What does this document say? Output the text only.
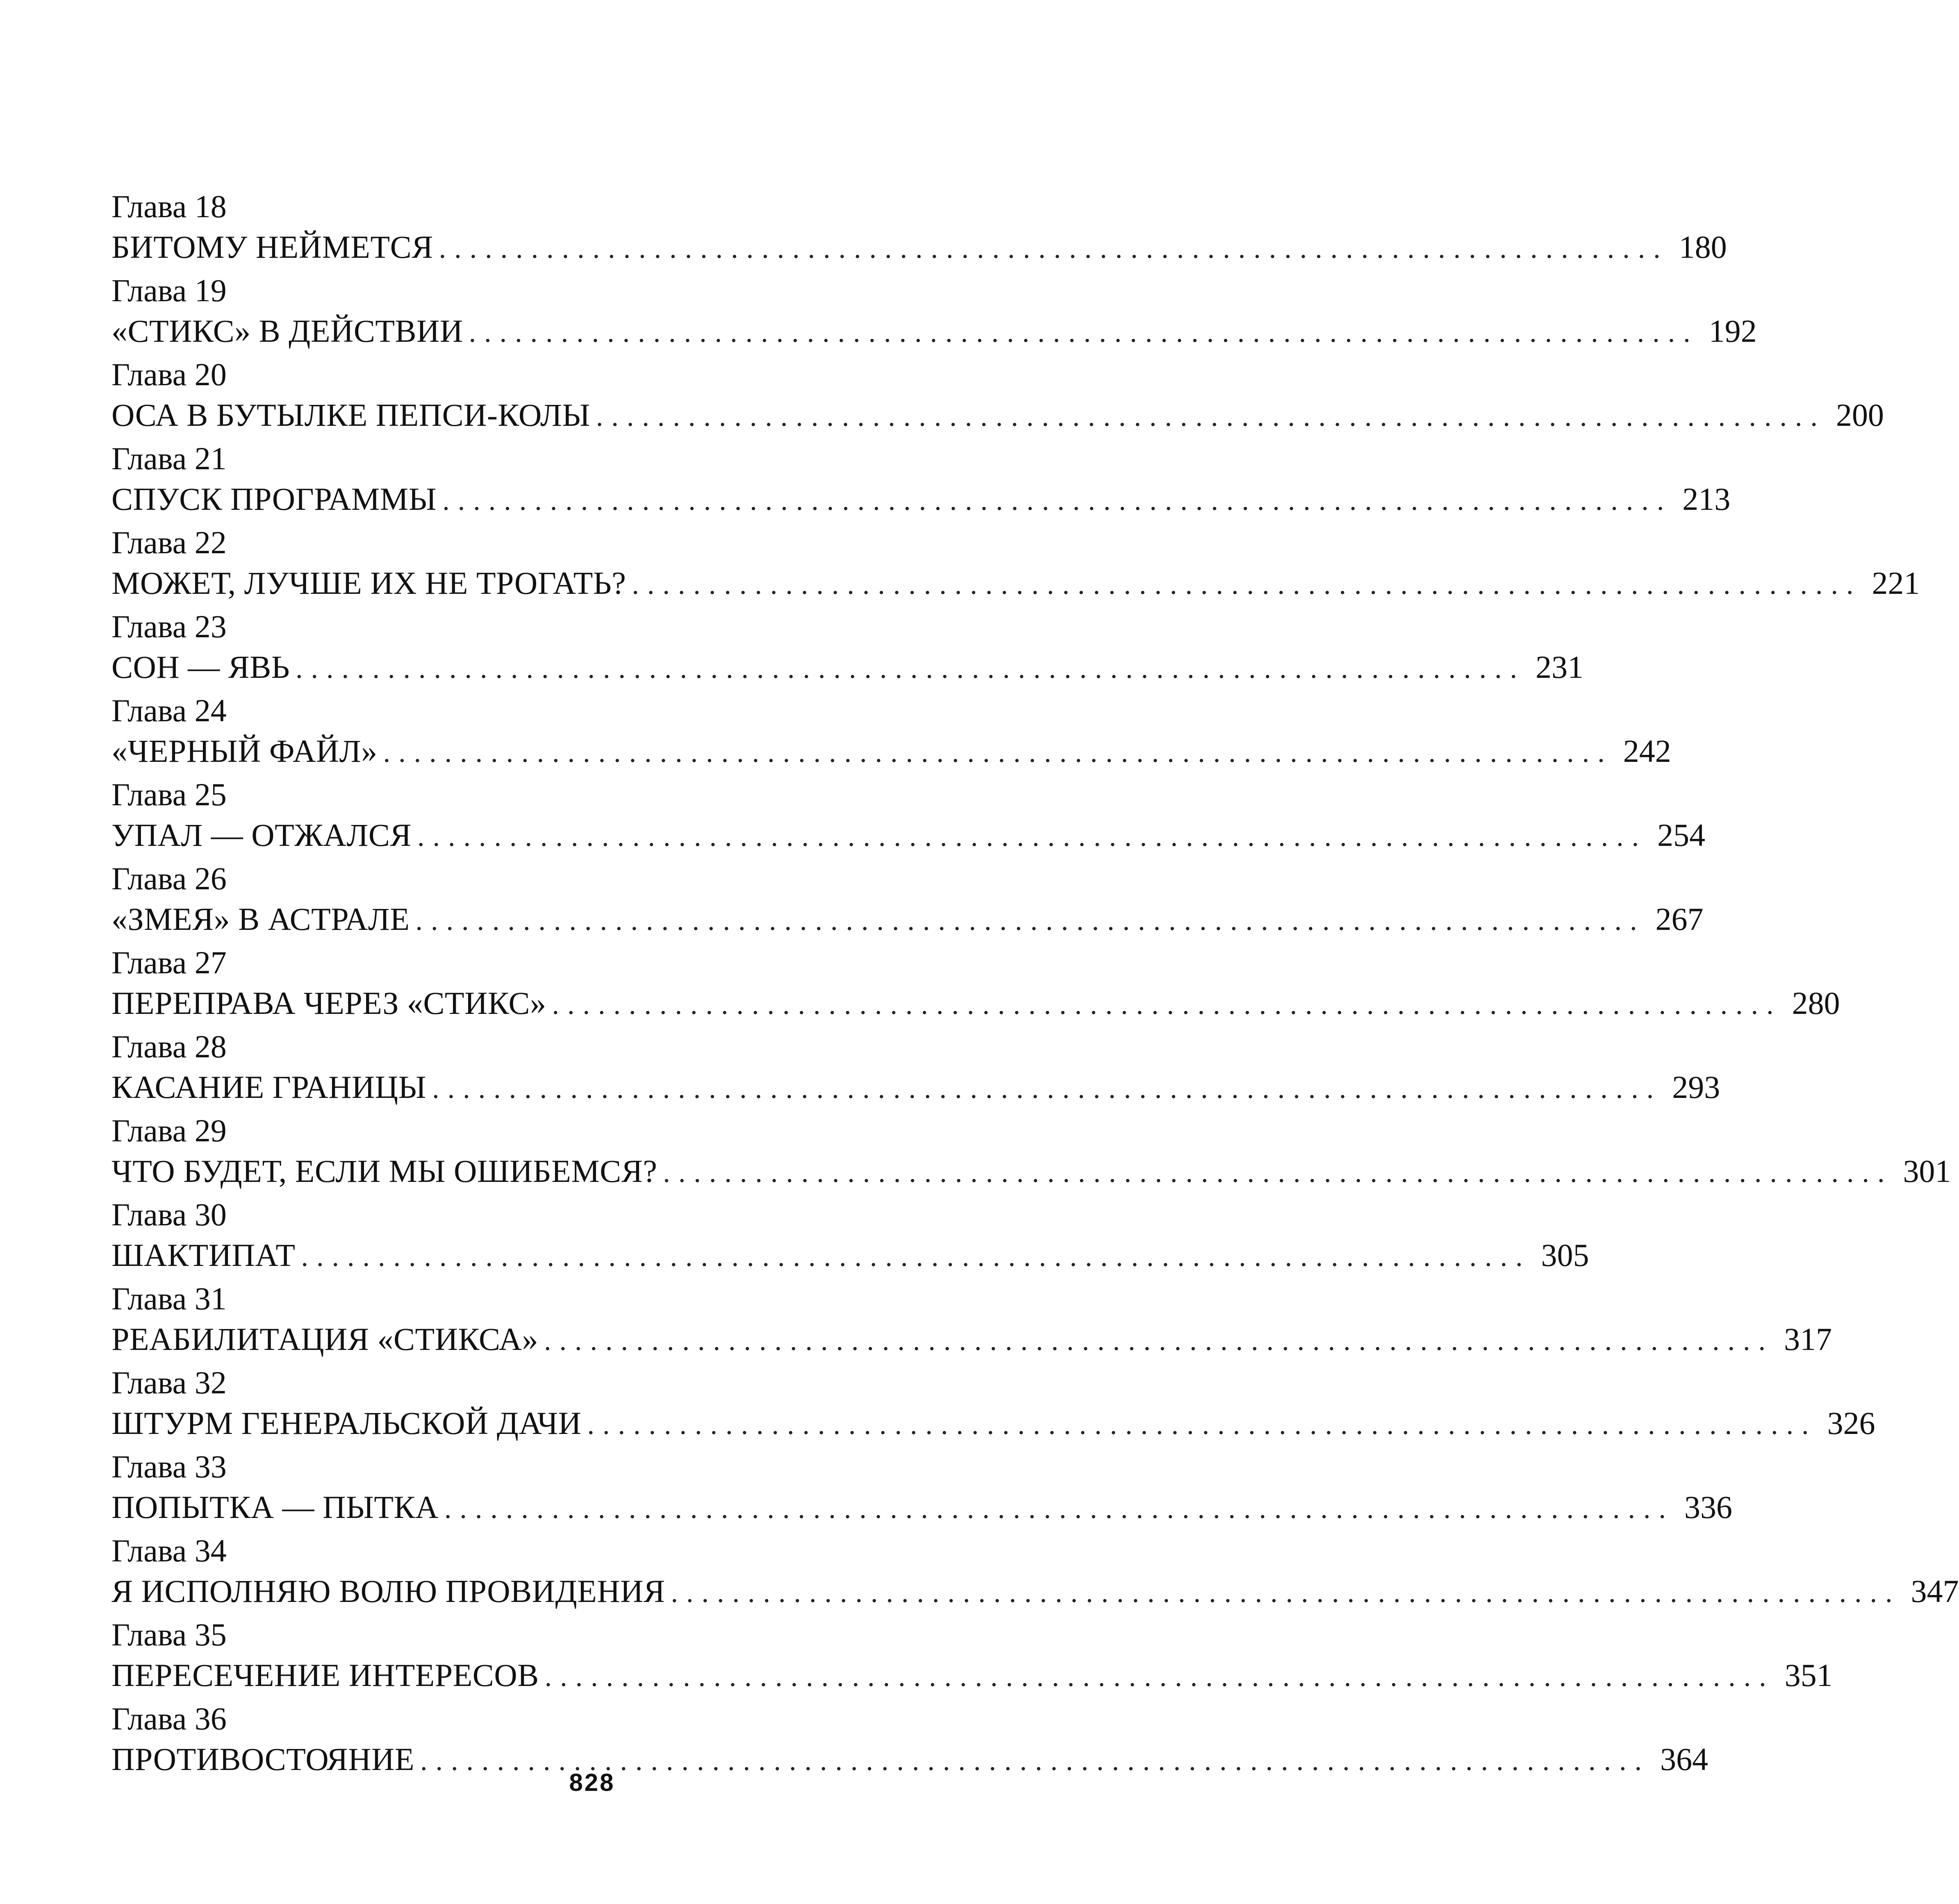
Глава 18
БИТОМУ НЕЙМЕТСЯ ................................................................................ 180
Глава 19
«СТИКС» В ДЕЙСТВИИ ................................................................................ 192
Глава 20
ОСА В БУТЫЛКЕ ПЕПСИ-КОЛЫ ................................................................................ 200
Глава 21
СПУСК ПРОГРАММЫ ................................................................................ 213
Глава 22
МОЖЕТ, ЛУЧШЕ ИХ НЕ ТРОГАТЬ? ................................................................................ 221
Глава 23
СОН — ЯВЬ ................................................................................ 231
Глава 24
«ЧЕРНЫЙ ФАЙЛ» ................................................................................ 242
Глава 25
УПАЛ — ОТЖАЛСЯ ................................................................................ 254
Глава 26
«ЗМЕЯ» В АСТРАЛЕ ................................................................................ 267
Глава 27
ПЕРЕПРАВА ЧЕРЕЗ «СТИКС» ................................................................................ 280
Глава 28
КАСАНИЕ ГРАНИЦЫ ................................................................................ 293
Глава 29
ЧТО БУДЕТ, ЕСЛИ МЫ ОШИБЕМСЯ? ................................................................................ 301
Глава 30
ШАКТИПАТ ................................................................................ 305
Глава 31
РЕАБИЛИТАЦИЯ «СТИКСА» ................................................................................ 317
Глава 32
ШТУРМ ГЕНЕРАЛЬСКОЙ ДАЧИ ................................................................................ 326
Глава 33
ПОПЫТКА — ПЫТКА ................................................................................ 336
Глава 34
Я ИСПОЛНЯЮ ВОЛЮ ПРОВИДЕНИЯ ................................................................................ 347
Глава 35
ПЕРЕСЕЧЕНИЕ ИНТЕРЕСОВ ................................................................................ 351
Глава 36
ПРОТИВОСТОЯНИЕ ................................................................................ 364
828
